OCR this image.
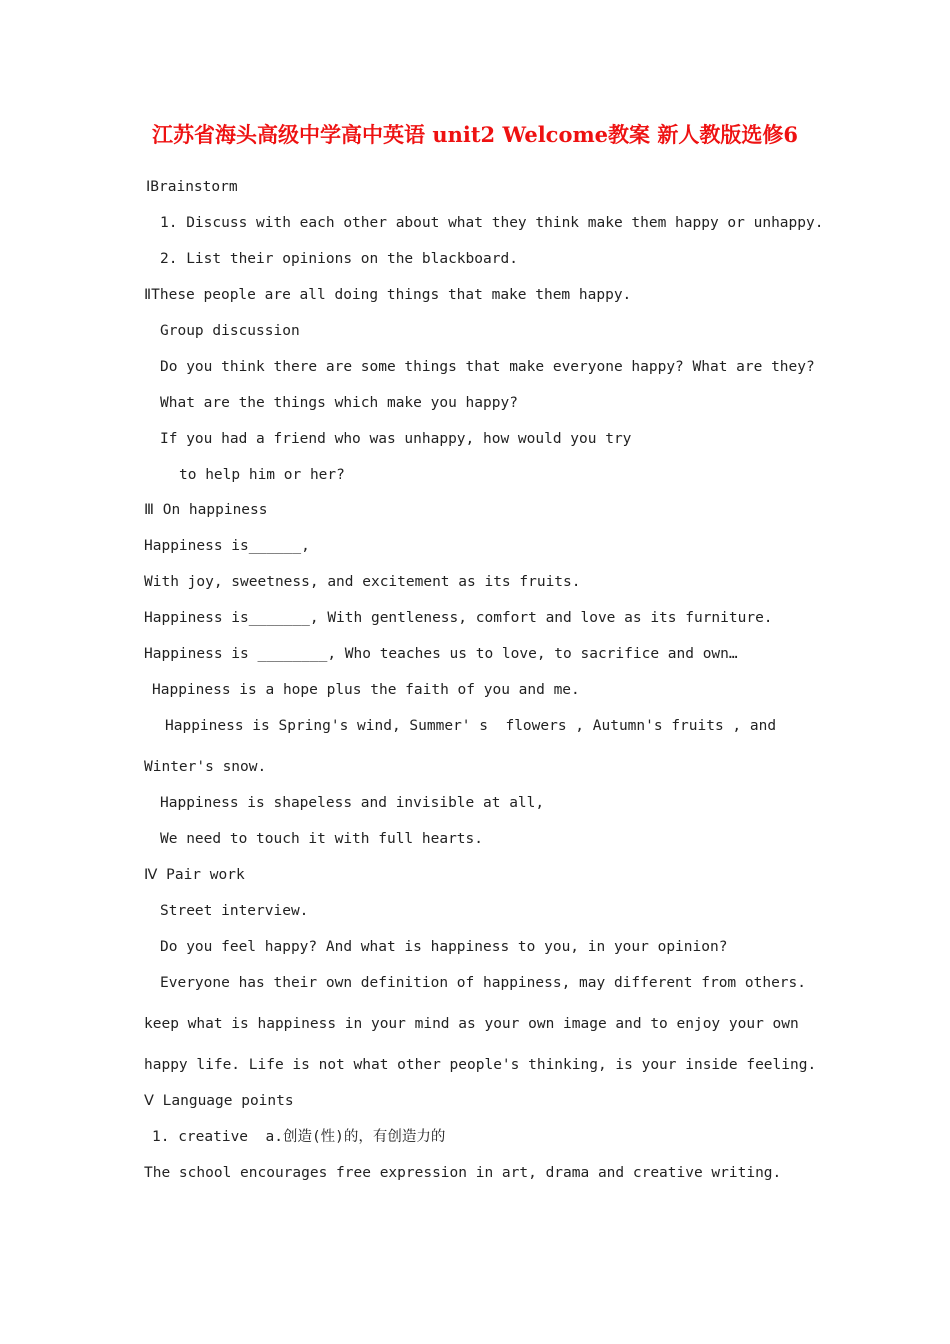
江苏省海头高级中学高中英语 unit2 Welcome教案 新人教版选修6
ⅠBrainstorm
1. Discuss with each other about what they think make them happy or unhappy.
2. List their opinions on the blackboard.
ⅡThese people are all doing things that make them happy.
Group discussion
Do you think there are some things that make everyone happy? What are they?
What are the things which make you happy?
If you had a friend who was unhappy, how would you try
to help him or her?
Ⅲ On happiness
Happiness is______,
With joy, sweetness, and excitement as its fruits.
Happiness is_______, With gentleness, comfort and love as its furniture.
Happiness is ________, Who teaches us to love, to sacrifice and own…
Happiness is a hope plus the faith of you and me.
Happiness is Spring's wind, Summer' s  flowers , Autumn's fruits , and
Winter's snow.
Happiness is shapeless and invisible at all,
We need to touch it with full hearts.
Ⅳ Pair work
Street interview.
Do you feel happy? And what is happiness to you, in your opinion?
Everyone has their own definition of happiness, may different from others.
keep what is happiness in your mind as your own image and to enjoy your own
happy life. Life is not what other people's thinking, is your inside feeling.
Ⅴ Language points
1. creative  a.创造(性)的，有创造力的
The school encourages free expression in art, drama and creative writing.
